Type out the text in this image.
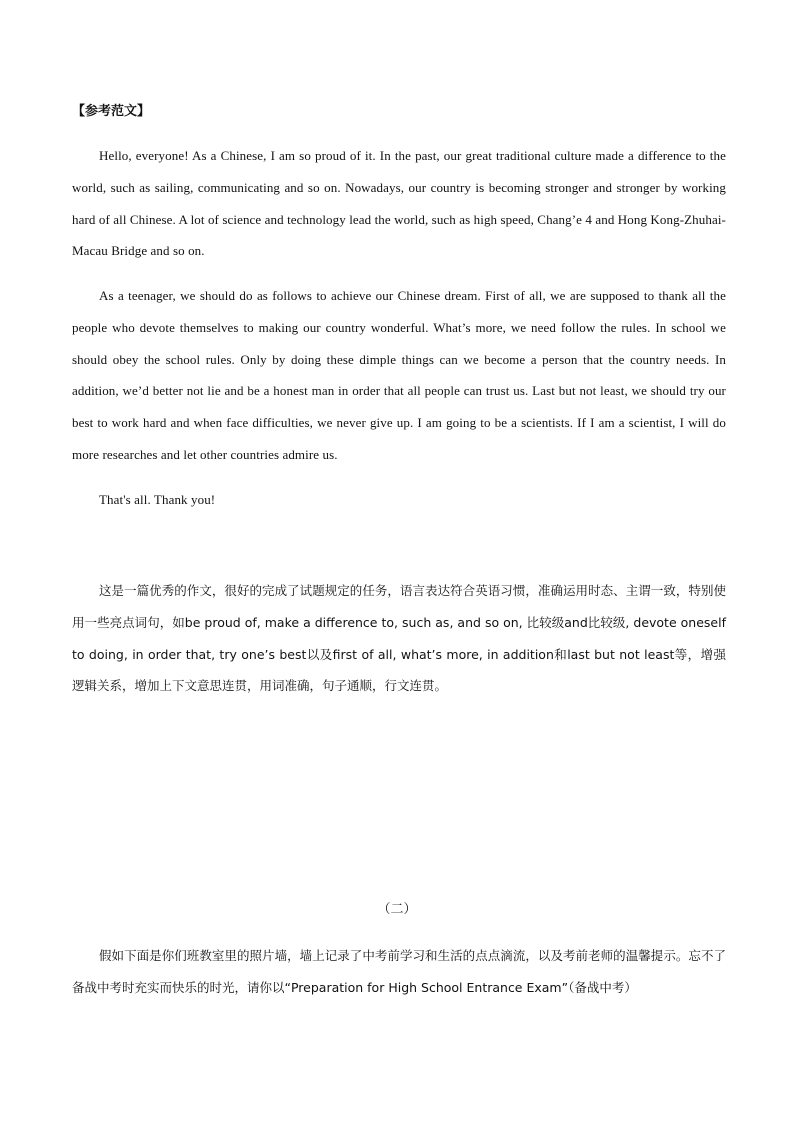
【参考范文】

Hello, everyone! As a Chinese, I am so proud of it. In the past, our great traditional culture made a difference to the world, such as sailing, communicating and so on. Nowadays, our country is becoming stronger and stronger by working hard of all Chinese. A lot of science and technology lead the world, such as high speed, Chang’e 4 and Hong Kong-Zhuhai-Macau Bridge and so on.

As a teenager, we should do as follows to achieve our Chinese dream. First of all, we are supposed to thank all the people who devote themselves to making our country wonderful. What’s more, we need follow the rules. In school we should obey the school rules. Only by doing these dimple things can we become a person that the country needs. In addition, we’d better not lie and be a honest man in order that all people can trust us. Last but not least, we should try our best to work hard and when face difficulties, we never give up. I am going to be a scientists. If I am a scientist, I will do more researches and let other countries admire us.

That's all. Thank you!

这是一篇优秀的作文，很好的完成了试题规定的任务，语言表达符合英语习惯，准确运用时态、主谓一致，特别使用一些亮点词句，如be proud of, make a difference to, such as, and so on, 比较级and比较级, devote oneself to doing, in order that, try one’s best以及first of all, what’s more, in addition和last but not least等，增强逻辑关系，增加上下文意思连贯，用词准确，句子通顺，行文连贯。

（二）

假如下面是你们班教室里的照片墙，墙上记录了中考前学习和生活的点点滴流，以及考前老师的温馨提示。忘不了备战中考时充实而快乐的时光，请你以“Preparation for High School Entrance Exam”（备战中考）
